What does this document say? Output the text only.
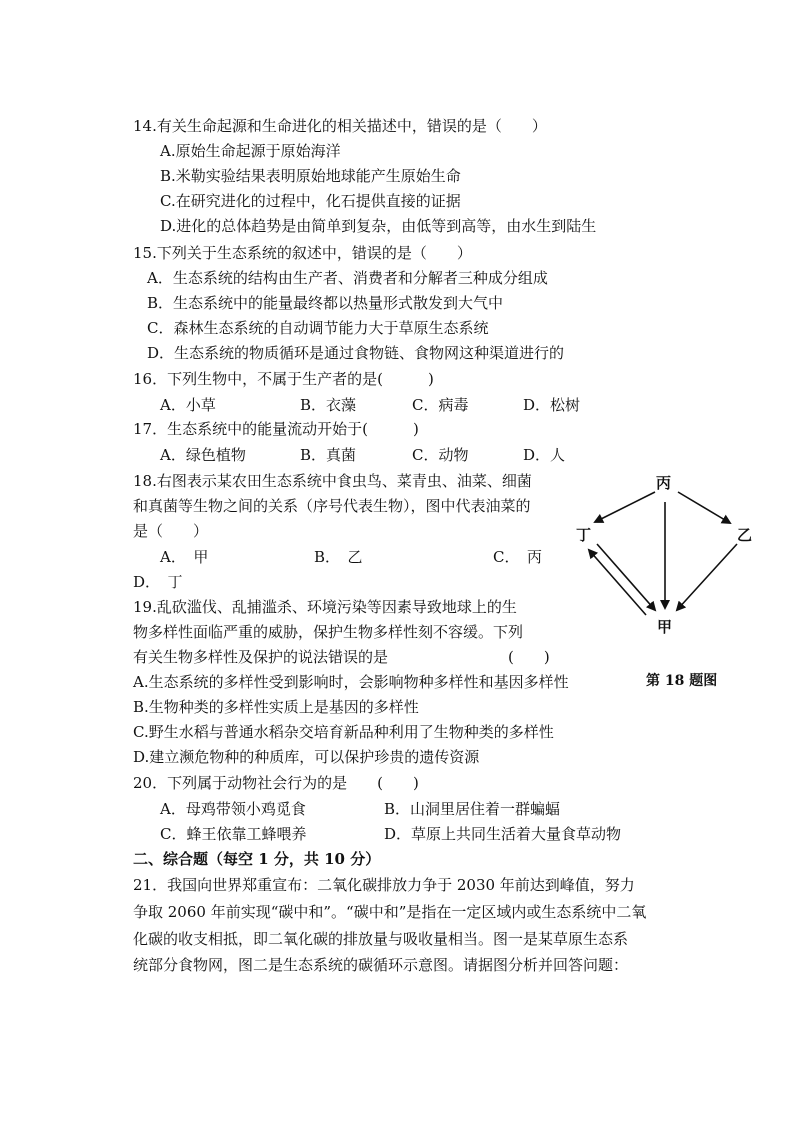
14.有关生命起源和生命进化的相关描述中，错误的是（　　）
A.原始生命起源于原始海洋
B.米勒实验结果表明原始地球能产生原始生命
C.在研究进化的过程中，化石提供直接的证据
D.进化的总体趋势是由简单到复杂，由低等到高等，由水生到陆生
15.下列关于生态系统的叙述中，错误的是（　　）
A．生态系统的结构由生产者、消费者和分解者三种成分组成
B．生态系统中的能量最终都以热量形式散发到大气中
C．森林生态系统的自动调节能力大于草原生态系统
D．生态系统的物质循环是通过食物链、食物网这种渠道进行的
16．下列生物中，不属于生产者的是(　　　)
A．小草	B．衣藻	C．病毒	D．松树
17．生态系统中的能量流动开始于(　　　)
A．绿色植物	B．真菌	C．动物	D．人
18.右图表示某农田生态系统中食虫鸟、菜青虫、油菜、细菌
和真菌等生物之间的关系（序号代表生物），图中代表油菜的
是（　　）
A．　甲	B．　乙	C．　丙
D．　丁
丙
丁	乙
甲
第 18 题图
19.乱砍滥伐、乱捕滥杀、环境污染等因素导致地球上的生
物多样性面临严重的威胁，保护生物多样性刻不容缓。下列
有关生物多样性及保护的说法错误的是	(　　)
A.生态系统的多样性受到影响时，会影响物种多样性和基因多样性
B.生物种类的多样性实质上是基因的多样性
C.野生水稻与普通水稻杂交培育新品种利用了生物种类的多样性
D.建立濒危物种的种质库，可以保护珍贵的遗传资源
20．下列属于动物社会行为的是　　(　　)
A．母鸡带领小鸡觅食	B．山洞里居住着一群蝙蝠
C．蜂王依靠工蜂喂养	D．草原上共同生活着大量食草动物
二、综合题（每空 1 分，共 10 分）
21．我国向世界郑重宣布：二氧化碳排放力争于 2030 年前达到峰值，努力
争取 2060 年前实现“碳中和”。“碳中和”是指在一定区域内或生态系统中二氧
化碳的收支相抵，即二氧化碳的排放量与吸收量相当。图一是某草原生态系
统部分食物网，图二是生态系统的碳循环示意图。请据图分析并回答问题：
